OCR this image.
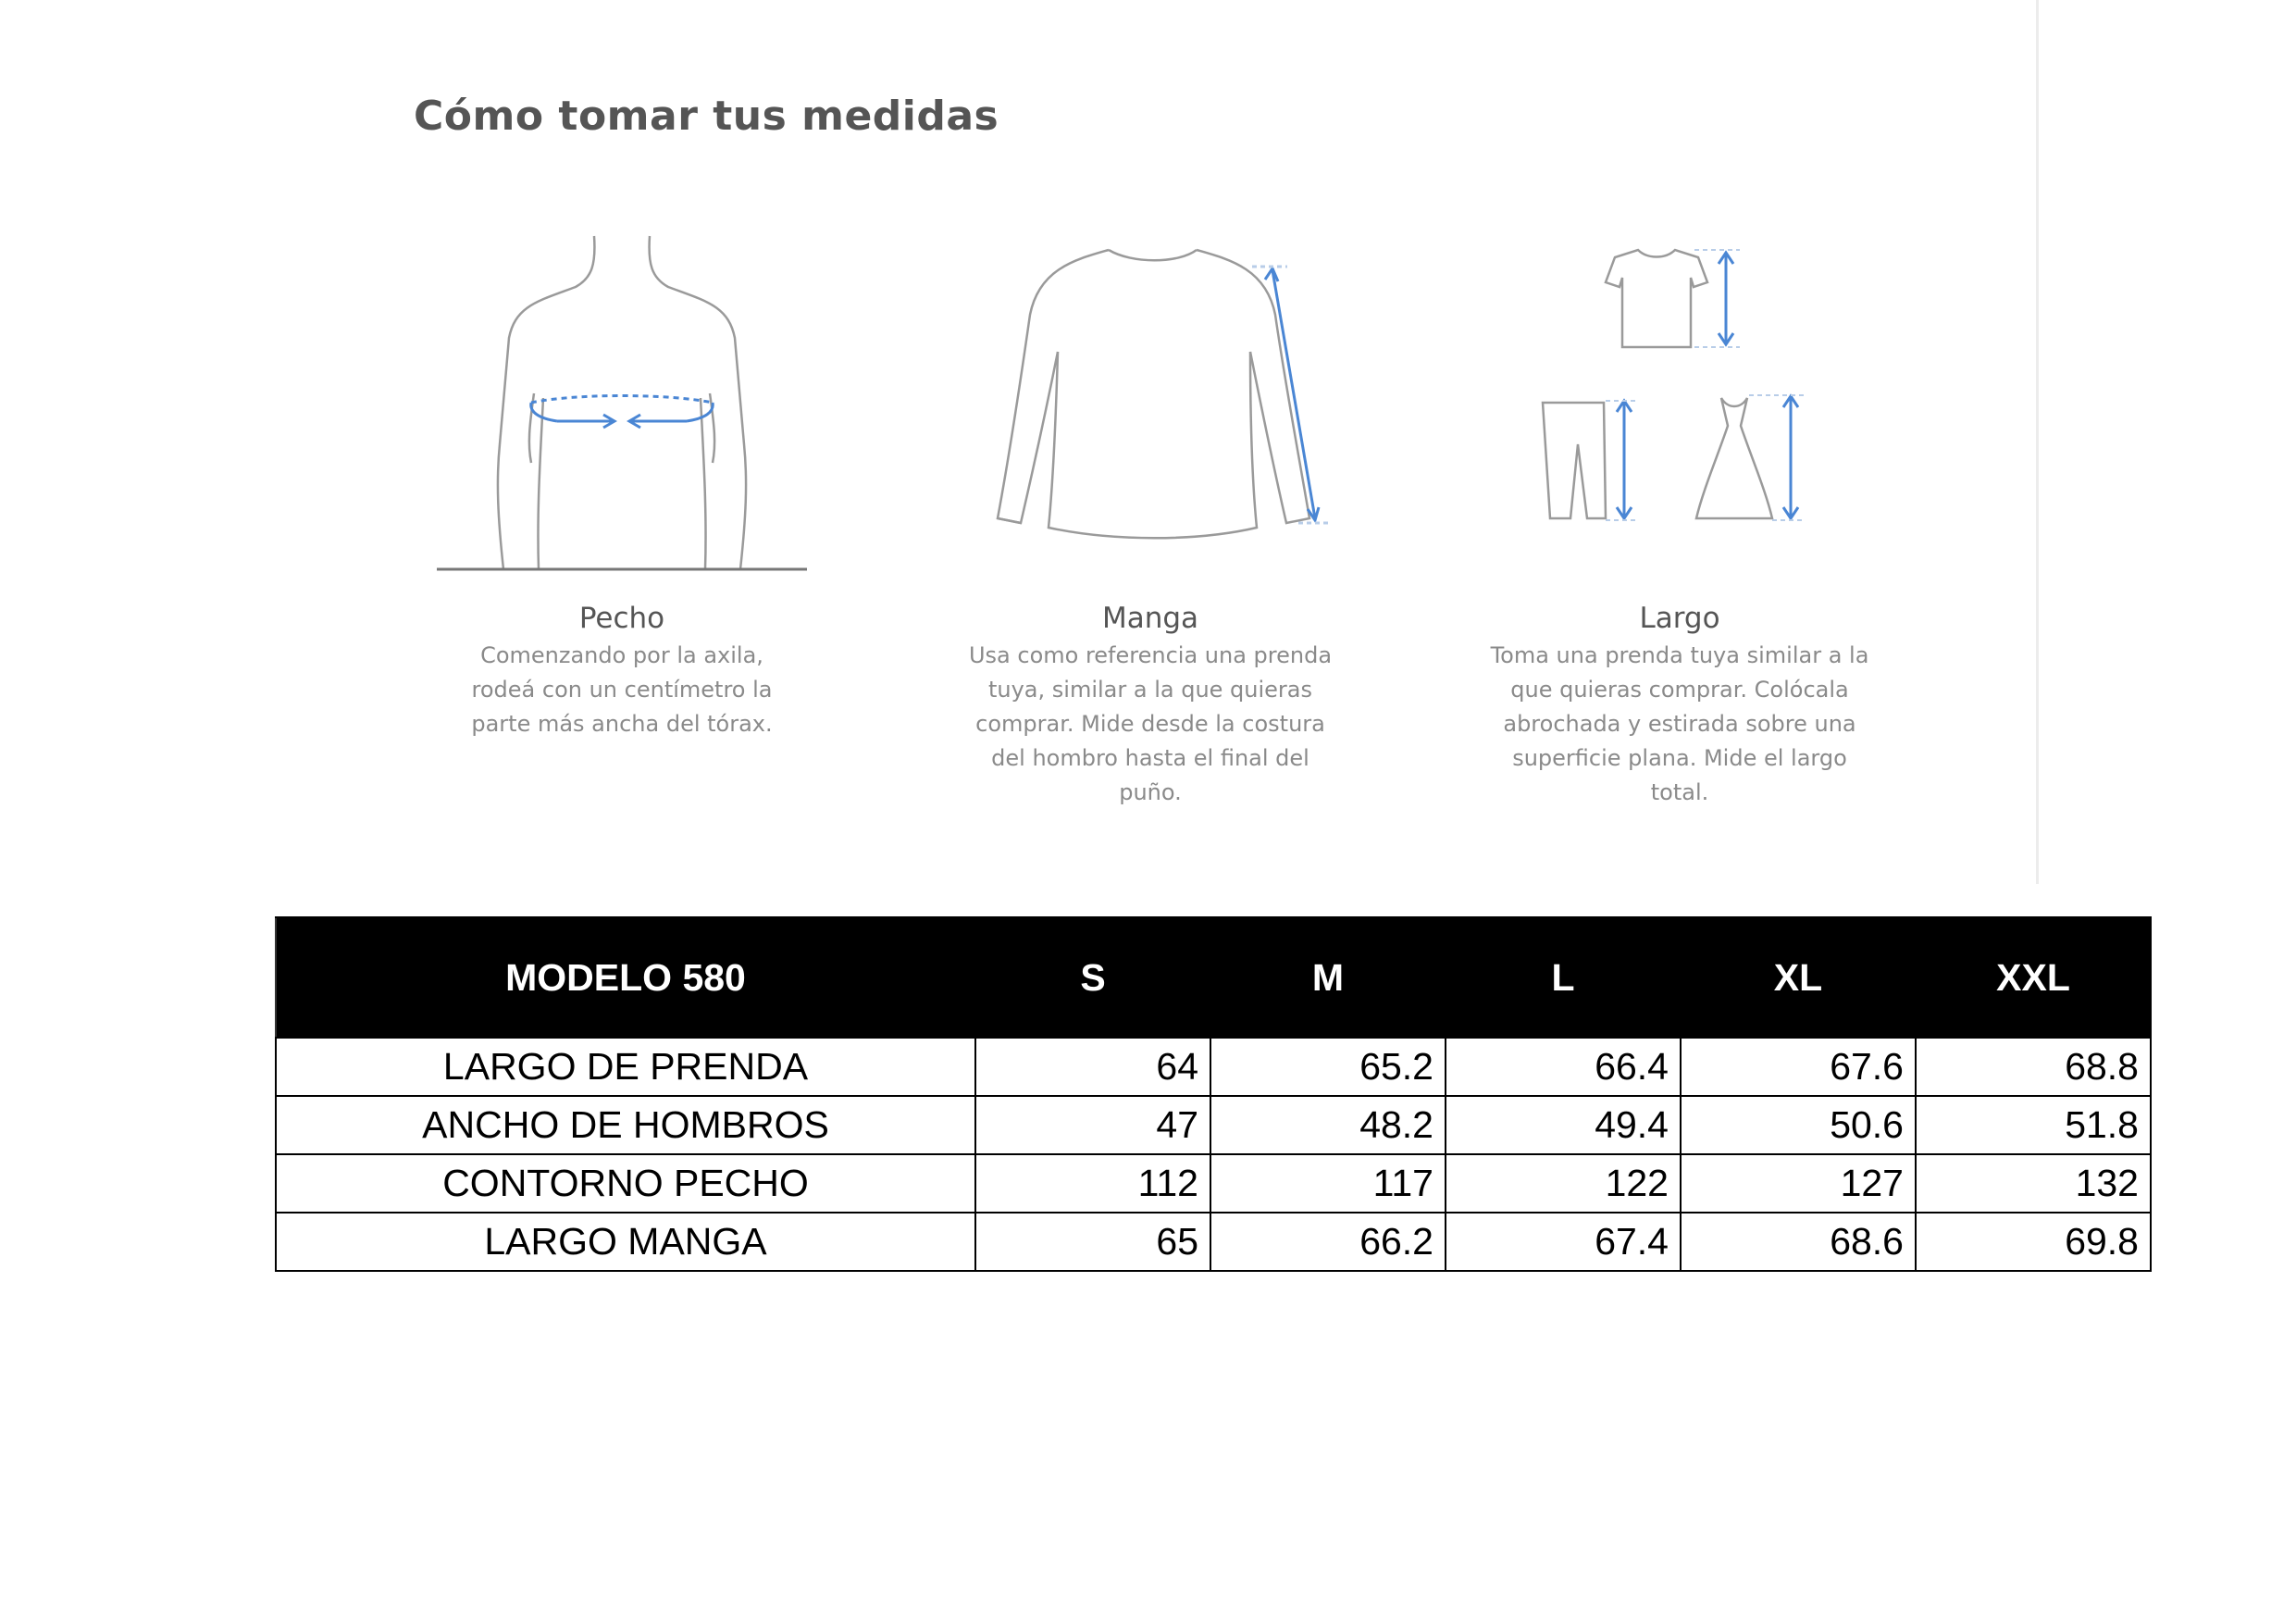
Cómo tomar tus medidas
Pecho
Comenzando por la axila, rodeá con un centímetro la parte más ancha del tórax.
Manga
Usa como referencia una prenda tuya, similar a la que quieras comprar. Mide desde la costura del hombro hasta el final del puño.
Largo
Toma una prenda tuya similar a la que quieras comprar. Colócala abrochada y estirada sobre una superficie plana. Mide el largo total.
MODELO 580	S	M	L	XL	XXL
LARGO DE PRENDA	64	65.2	66.4	67.6	68.8
ANCHO DE HOMBROS	47	48.2	49.4	50.6	51.8
CONTORNO PECHO	112	117	122	127	132
LARGO MANGA	65	66.2	67.4	68.6	69.8
